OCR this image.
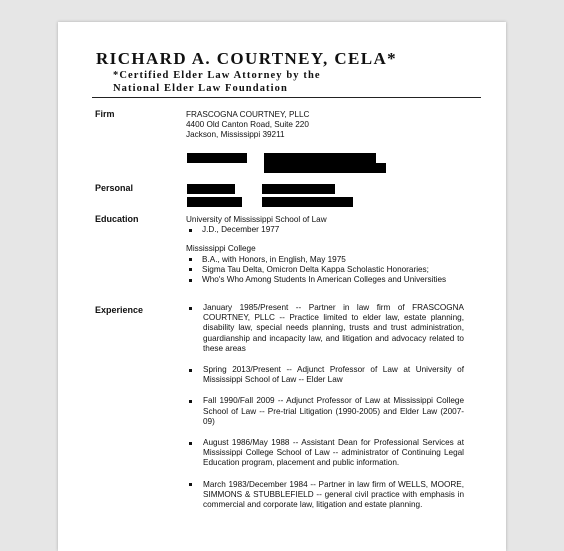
RICHARD A. COURTNEY, CELA*
*Certified Elder Law Attorney by the
National Elder Law Foundation
Firm	FRASCOGNA COURTNEY, PLLC
4400 Old Canton Road, Suite 220
Jackson, Mississippi 39211
Personal
Education	University of Mississippi School of Law
J.D., December 1977
Mississippi College
B.A., with Honors, in English, May 1975
Sigma Tau Delta, Omicron Delta Kappa Scholastic Honoraries;
Who's Who Among Students In American Colleges and Universities
Experience	January 1985/Present -- Partner in law firm of FRASCOGNA COURTNEY, PLLC -- Practice limited to elder law, estate planning, disability law, special needs planning, trusts and trust administration, guardianship and incapacity law, and litigation and advocacy related to these areas
Spring 2013/Present -- Adjunct Professor of Law at University of Mississippi School of Law -- Elder Law
Fall 1990/Fall 2009 -- Adjunct Professor of Law at Mississippi College School of Law -- Pre-trial Litigation (1990-2005) and Elder Law (2007-09)
August 1986/May 1988 -- Assistant Dean for Professional Services at Mississippi College School of Law -- administrator of Continuing Legal Education program, placement and public information.
March 1983/December 1984 -- Partner in law firm of WELLS, MOORE, SIMMONS & STUBBLEFIELD -- general civil practice with emphasis in commercial and corporate law, litigation and estate planning.
